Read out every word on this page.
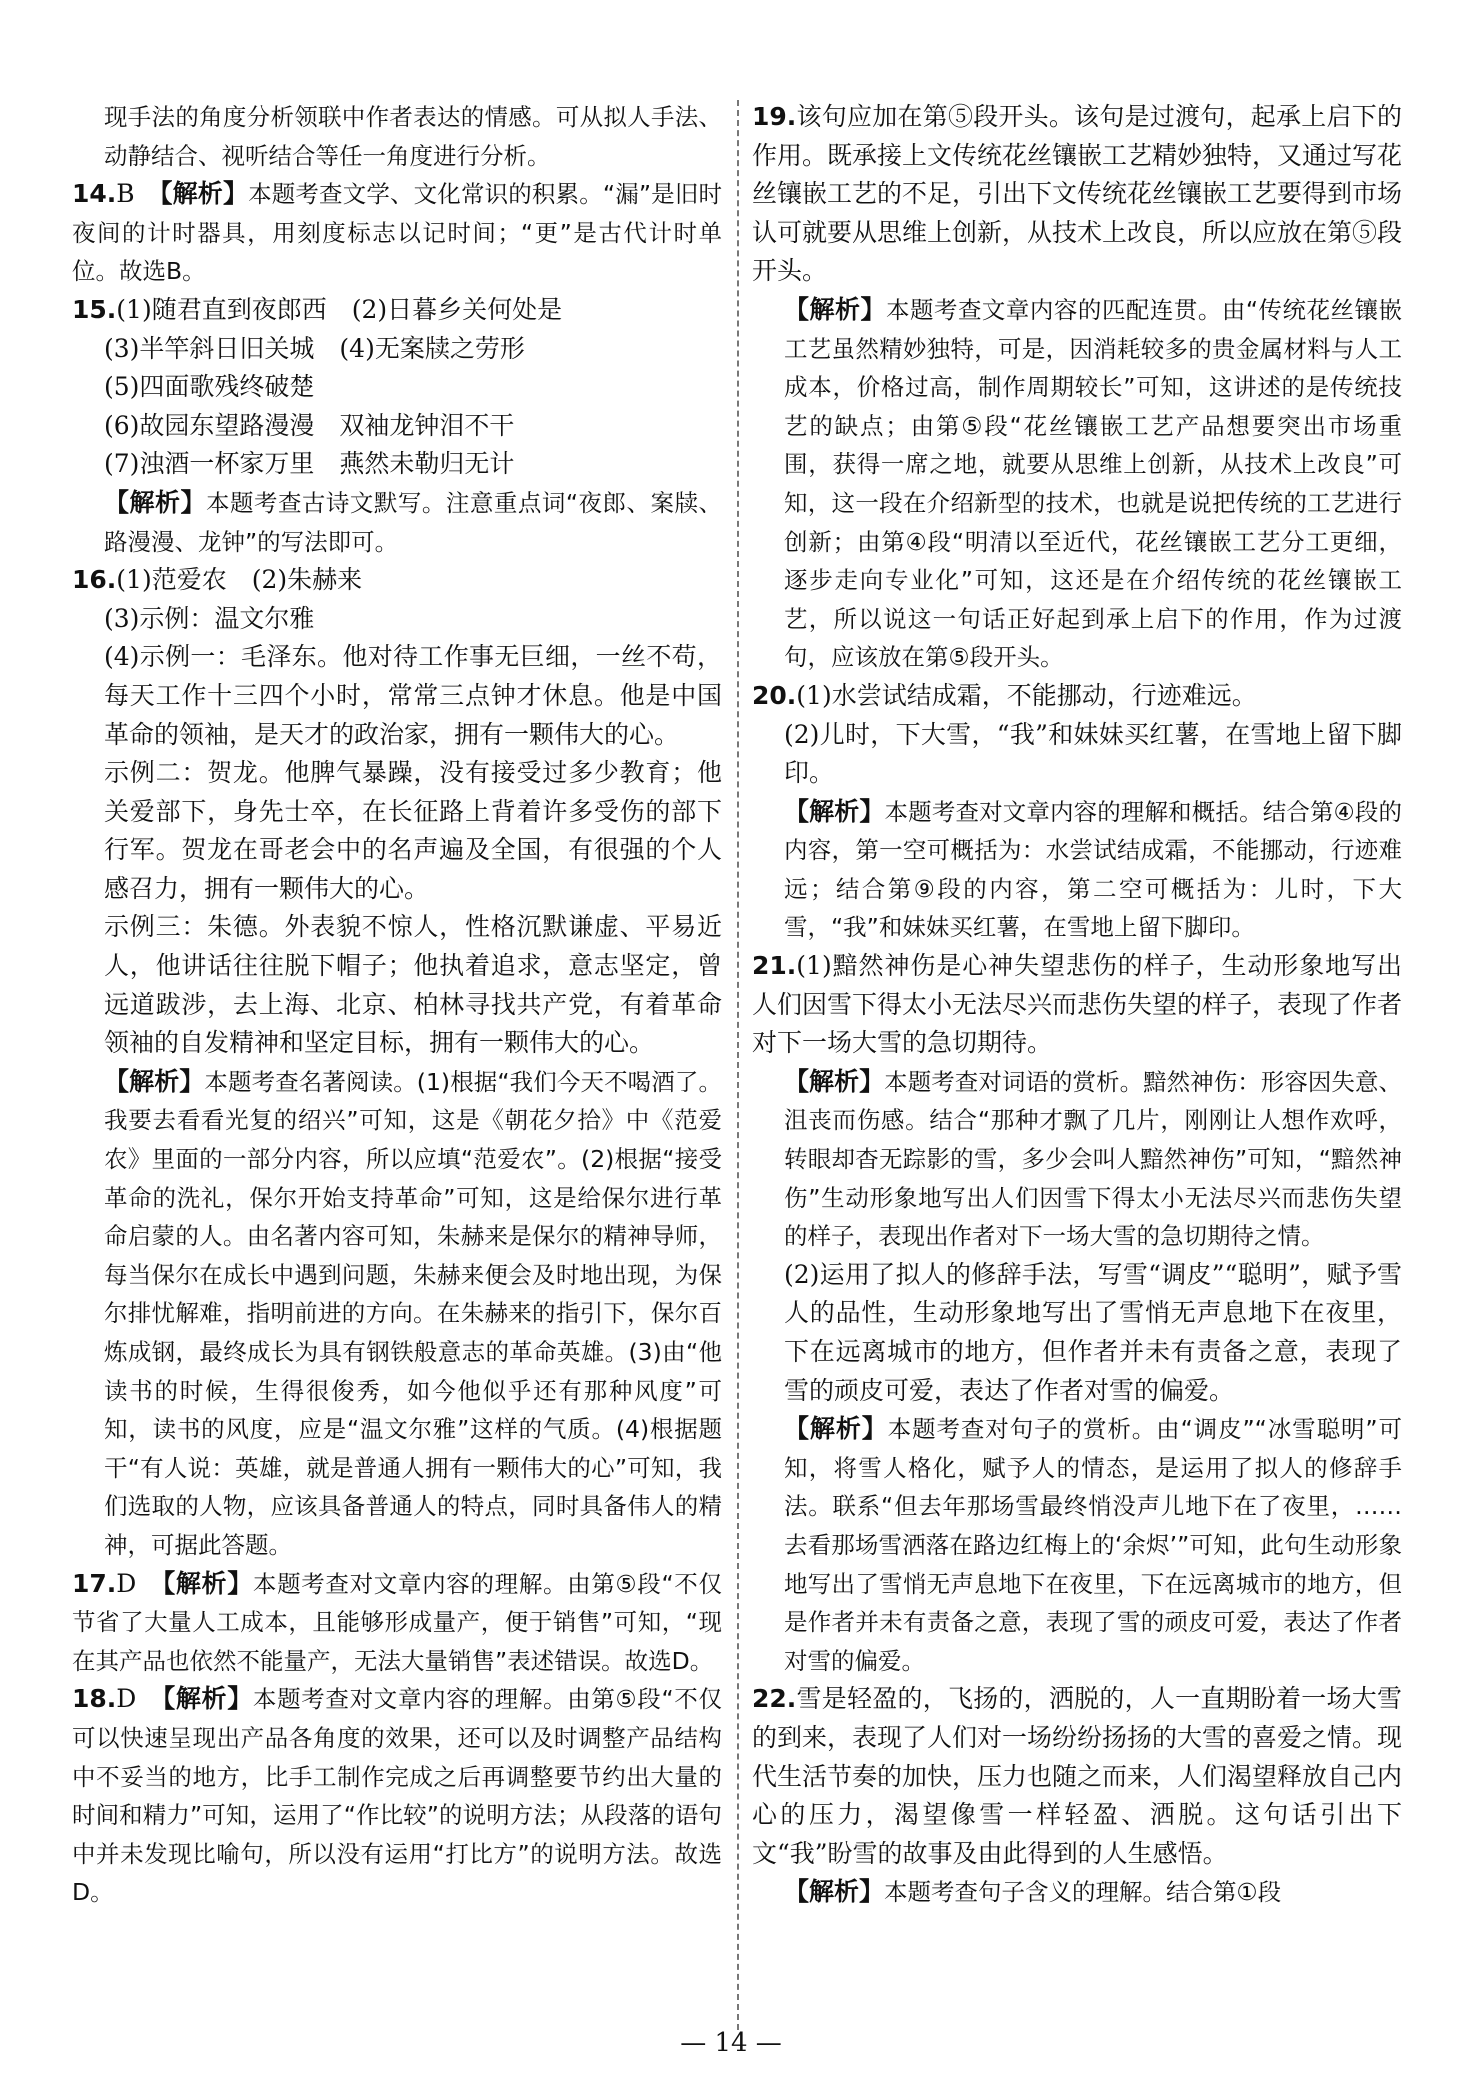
现手法的角度分析领联中作者表达的情感。可从拟人手法、动静结合、视听结合等任一角度进行分析。

14.B　 【解析】本题考查文学、文化常识的积累。“漏”是旧时夜间的计时器具，用刻度标志以记时间；“更”是古代计时单位。故选B。

15.(1)随君直到夜郎西　(2)日暮乡关何处是

(3)半竿斜日旧关城　(4)无案牍之劳形

(5)四面歌残终破楚

(6)故园东望路漫漫　双袖龙钟泪不干

(7)浊酒一杯家万里　燕然未勒归无计

【解析】本题考查古诗文默写。注意重点词“夜郎、案牍、路漫漫、龙钟”的写法即可。

16.(1)范爱农　(2)朱赫来

(3)示例：温文尔雅

(4)示例一：毛泽东。他对待工作事无巨细，一丝不苟，每天工作十三四个小时，常常三点钟才休息。他是中国革命的领袖，是天才的政治家，拥有一颗伟大的心。

示例二：贺龙。他脾气暴躁，没有接受过多少教育；他关爱部下，身先士卒，在长征路上背着许多受伤的部下行军。贺龙在哥老会中的名声遍及全国，有很强的个人感召力，拥有一颗伟大的心。

示例三：朱德。外表貌不惊人，性格沉默谦虚、平易近人，他讲话往往脱下帽子；他执着追求，意志坚定，曾远道跋涉，去上海、北京、柏林寻找共产党，有着革命领袖的自发精神和坚定目标，拥有一颗伟大的心。

【解析】本题考查名著阅读。(1)根据“我们今天不喝酒了。我要去看看光复的绍兴”可知，这是《朝花夕拾》中《范爱农》里面的一部分内容，所以应填“范爱农”。(2)根据“接受革命的洗礼，保尔开始支持革命”可知，这是给保尔进行革命启蒙的人。由名著内容可知，朱赫来是保尔的精神导师，每当保尔在成长中遇到问题，朱赫来便会及时地出现，为保尔排忧解难，指明前进的方向。在朱赫来的指引下，保尔百炼成钢，最终成长为具有钢铁般意志的革命英雄。(3)由“他读书的时候，生得很俊秀，如今他似乎还有那种风度”可知，读书的风度，应是“温文尔雅”这样的气质。(4)根据题干“有人说：英雄，就是普通人拥有一颗伟大的心”可知，我们选取的人物，应该具备普通人的特点，同时具备伟人的精神，可据此答题。

17.D　 【解析】本题考查对文章内容的理解。由第⑤段“不仅节省了大量人工成本，且能够形成量产，便于销售”可知，“现在其产品也依然不能量产，无法大量销售”表述错误。故选D。

18.D　 【解析】本题考查对文章内容的理解。由第⑤段“不仅可以快速呈现出产品各角度的效果，还可以及时调整产品结构中不妥当的地方，比手工制作完成之后再调整要节约出大量的时间和精力”可知，运用了“作比较”的说明方法；从段落的语句中并未发现比喻句，所以没有运用“打比方”的说明方法。故选D。

19.该句应加在第⑤段开头。该句是过渡句，起承上启下的作用。既承接上文传统花丝镶嵌工艺精妙独特，又通过写花丝镶嵌工艺的不足，引出下文传统花丝镶嵌工艺要得到市场认可就要从思维上创新，从技术上改良，所以应放在第⑤段开头。

【解析】本题考查文章内容的匹配连贯。由“传统花丝镶嵌工艺虽然精妙独特，可是，因消耗较多的贵金属材料与人工成本，价格过高，制作周期较长”可知，这讲述的是传统技艺的缺点；由第⑤段“花丝镶嵌工艺产品想要突出市场重围，获得一席之地，就要从思维上创新，从技术上改良”可知，这一段在介绍新型的技术，也就是说把传统的工艺进行创新；由第④段“明清以至近代，花丝镶嵌工艺分工更细，逐步走向专业化”可知，这还是在介绍传统的花丝镶嵌工艺，所以说这一句话正好起到承上启下的作用，作为过渡句，应该放在第⑤段开头。

20.(1)水尝试结成霜，不能挪动，行迹难远。

(2)儿时，下大雪，“我”和妹妹买红薯，在雪地上留下脚印。

【解析】本题考查对文章内容的理解和概括。结合第④段的内容，第一空可概括为：水尝试结成霜，不能挪动，行迹难远；结合第⑨段的内容，第二空可概括为：儿时，下大雪，“我”和妹妹买红薯，在雪地上留下脚印。

21.(1)黯然神伤是心神失望悲伤的样子，生动形象地写出人们因雪下得太小无法尽兴而悲伤失望的样子，表现了作者对下一场大雪的急切期待。

【解析】本题考查对词语的赏析。黯然神伤：形容因失意、沮丧而伤感。结合“那种才飘了几片，刚刚让人想作欢呼，转眼却杳无踪影的雪，多少会叫人黯然神伤”可知，“黯然神伤”生动形象地写出人们因雪下得太小无法尽兴而悲伤失望的样子，表现出作者对下一场大雪的急切期待之情。

(2)运用了拟人的修辞手法，写雪“调皮”“聪明”，赋予雪人的品性，生动形象地写出了雪悄无声息地下在夜里，下在远离城市的地方，但作者并未有责备之意，表现了雪的顽皮可爱，表达了作者对雪的偏爱。

【解析】本题考查对句子的赏析。由“调皮”“冰雪聪明”可知，将雪人格化，赋予人的情态，是运用了拟人的修辞手法。联系“但去年那场雪最终悄没声儿地下在了夜里，……去看那场雪洒落在路边红梅上的‘余烬’”可知，此句生动形象地写出了雪悄无声息地下在夜里，下在远离城市的地方，但是作者并未有责备之意，表现了雪的顽皮可爱，表达了作者对雪的偏爱。

22.雪是轻盈的，飞扬的，洒脱的，人一直期盼着一场大雪的到来，表现了人们对一场纷纷扬扬的大雪的喜爱之情。现代生活节奏的加快，压力也随之而来，人们渴望释放自己内心的压力，渴望像雪一样轻盈、洒脱。这句话引出下文“我”盼雪的故事及由此得到的人生感悟。

【解析】本题考查句子含义的理解。结合第①段

— 14 —
